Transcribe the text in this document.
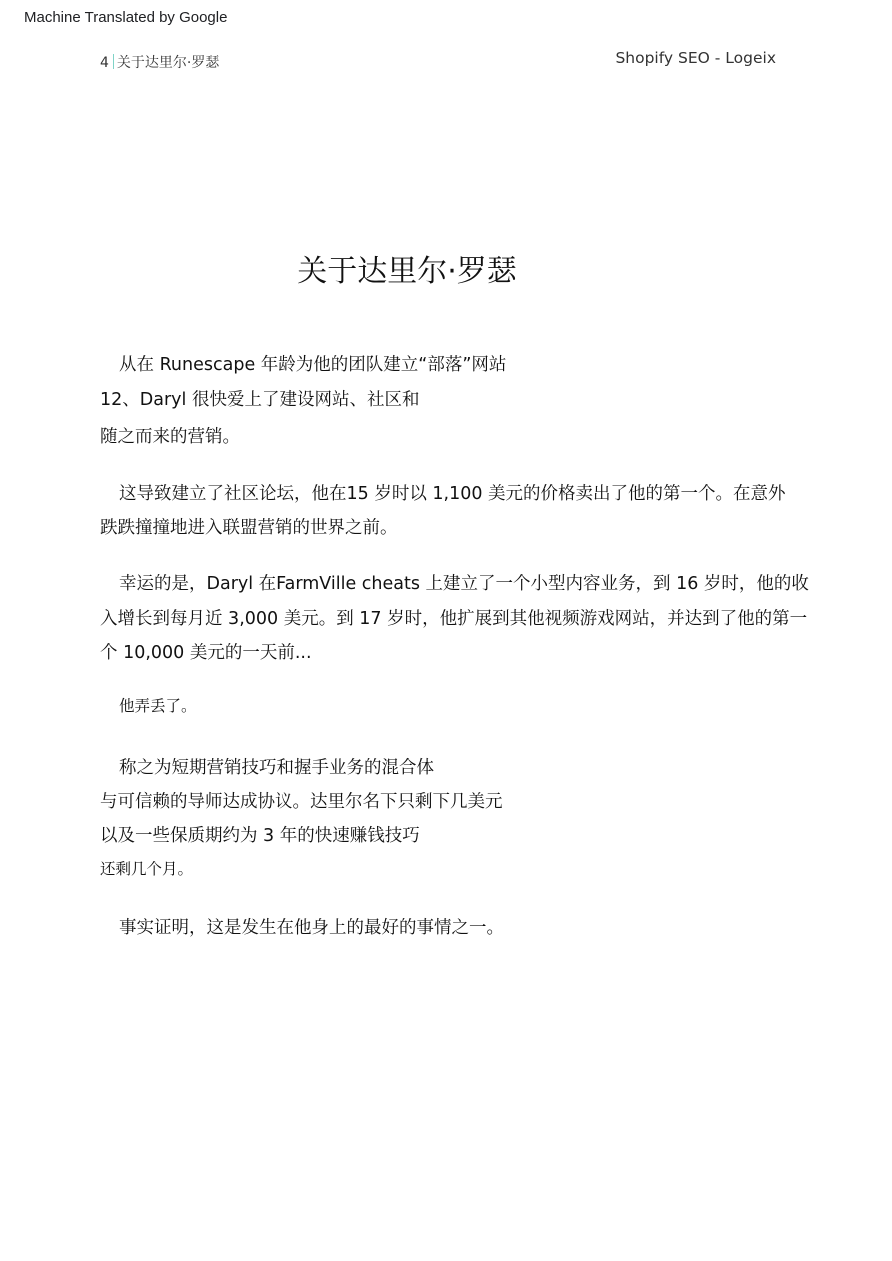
Machine Translated by Google
4 关于达里尔·罗瑟	Shopify SEO - Logeix
关于达里尔·罗瑟
从在 Runescape 年龄为他的团队建立“部落”网站
12、Daryl 很快爱上了建设网站、社区和
随之而来的营销。
这导致建立了社区论坛，他在15 岁时以 1,100 美元的价格卖出了他的第一个。在意外
跌跌撞撞地进入联盟营销的世界之前。
幸运的是，Daryl 在FarmVille cheats 上建立了一个小型内容业务，到 16 岁时，他的收
入增长到每月近 3,000 美元。到 17 岁时，他扩展到其他视频游戏网站，并达到了他的第一
个 10,000 美元的一天前...
他弄丢了。
称之为短期营销技巧和握手业务的混合体
与可信赖的导师达成协议。达里尔名下只剩下几美元
以及一些保质期约为 3 年的快速赚钱技巧
还剩几个月。
事实证明，这是发生在他身上的最好的事情之一。
